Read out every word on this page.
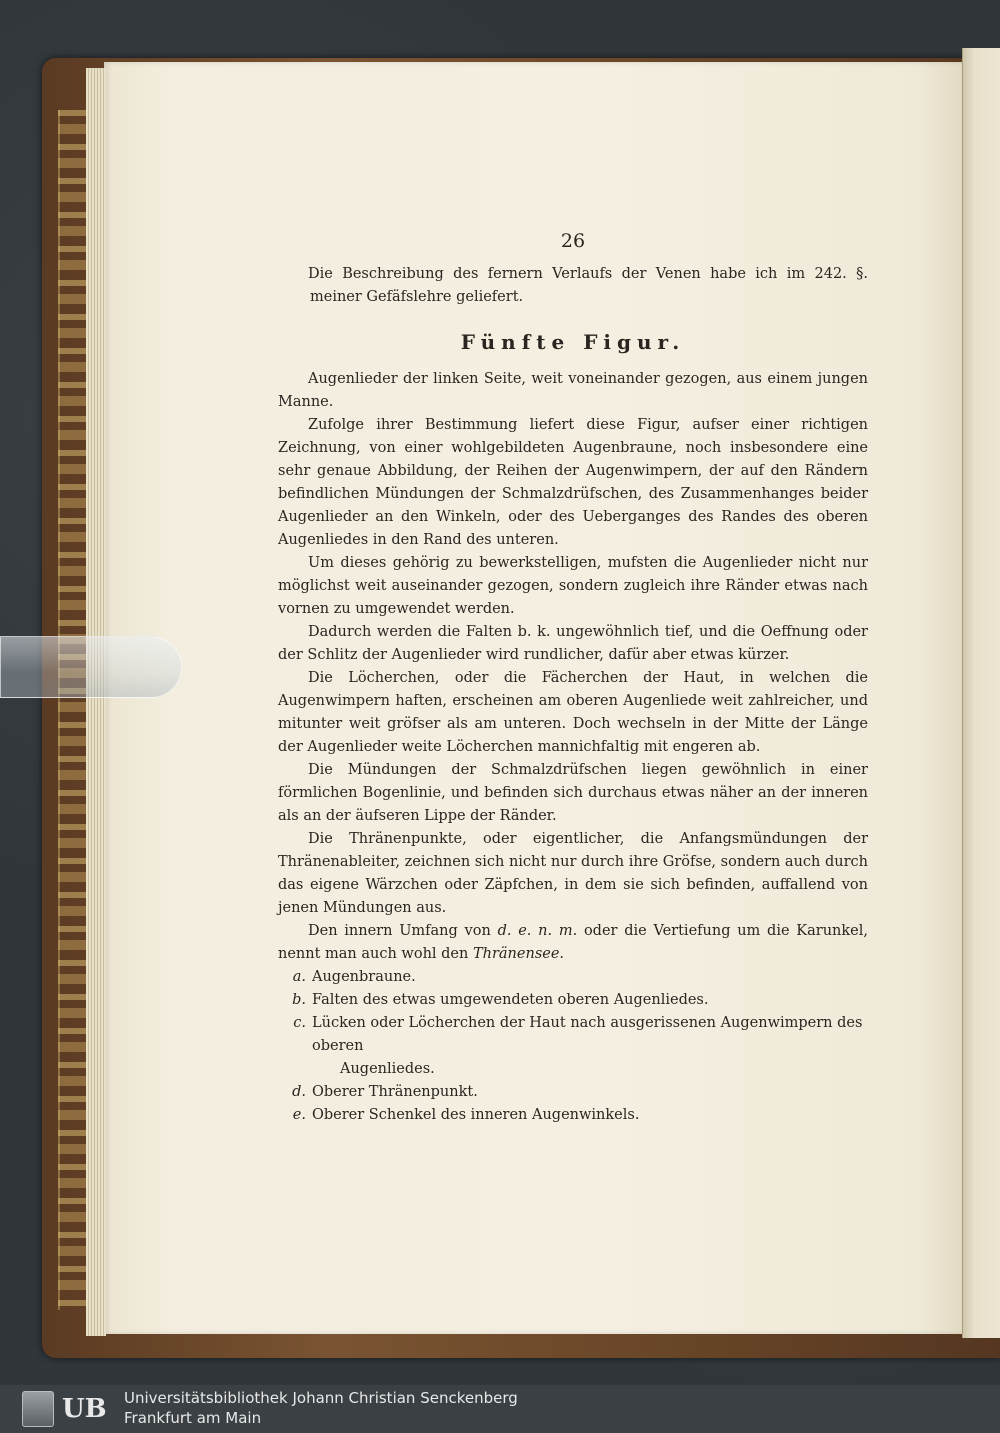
26

Die Beschreibung des fernern Verlaufs der Venen habe ich im 242. §. meiner Gefäfslehre geliefert.

Fünfte Figur.

Augenlieder der linken Seite, weit voneinander gezogen, aus einem jungen Manne.

Zufolge ihrer Bestimmung liefert diese Figur, aufser einer richtigen Zeichnung, von einer wohlgebildeten Augenbraune, noch insbesondere eine sehr genaue Abbildung, der Reihen der Augenwimpern, der auf den Rändern befindlichen Mündungen der Schmalzdrüfschen, des Zusammenhanges beider Augenlieder an den Winkeln, oder des Ueberganges des Randes des oberen Augenliedes in den Rand des unteren.

Um dieses gehörig zu bewerkstelligen, mufsten die Augenlieder nicht nur möglichst weit auseinander gezogen, sondern zugleich ihre Ränder etwas nach vornen zu umgewendet werden.

Dadurch werden die Falten b. k. ungewöhnlich tief, und die Oeffnung oder der Schlitz der Augenlieder wird rundlicher, dafür aber etwas kürzer.

Die Löcherchen, oder die Fächerchen der Haut, in welchen die Augenwimpern haften, erscheinen am oberen Augenliede weit zahlreicher, und mitunter weit gröfser als am unteren. Doch wechseln in der Mitte der Länge der Augenlieder weite Löcherchen mannichfaltig mit engeren ab.

Die Mündungen der Schmalzdrüfschen liegen gewöhnlich in einer förmlichen Bogenlinie, und befinden sich durchaus etwas näher an der inneren als an der äufseren Lippe der Ränder.

Die Thränenpunkte, oder eigentlicher, die Anfangsmündungen der Thränenableiter, zeichnen sich nicht nur durch ihre Gröfse, sondern auch durch das eigene Wärzchen oder Zäpfchen, in dem sie sich befinden, auffallend von jenen Mündungen aus.

Den innern Umfang von d. e. n. m. oder die Vertiefung um die Karunkel, nennt man auch wohl den Thränensee.

a. Augenbraune.
b. Falten des etwas umgewendeten oberen Augenliedes.
c. Lücken oder Löcherchen der Haut nach ausgerissenen Augenwimpern des oberen
Augenliedes.
d. Oberer Thränenpunkt.
e. Oberer Schenkel des inneren Augenwinkels.
UB Universitätsbibliothek Johann Christian Senckenberg
Frankfurt am Main
